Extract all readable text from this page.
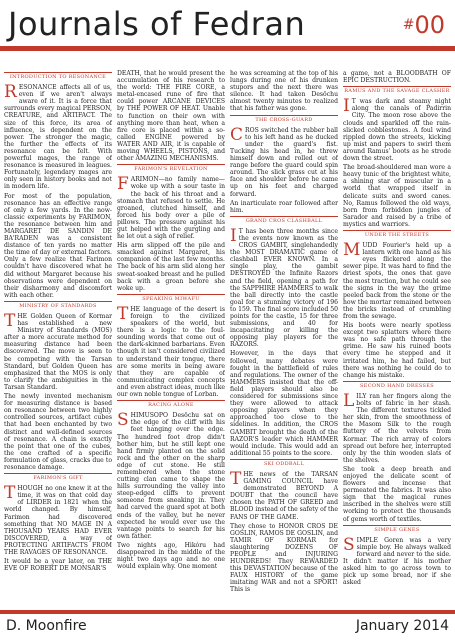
Journals of Fedran	#00
INTRODUCTION TO RESONANCE

RESONANCE affects all of us, even if we aren't always aware of it. It is a force that surrounds every magical PERSON, CREATURE, and ARTIFACT. The size of this force, its area of influence, is dependent on the power. The stronger the magic, the further the effects of its resonance can be felt. With powerful mages, the range of resonance is measured in leagues. Fortunately, legendary mages are only seen in history books and not in modern life.

For most of the population, resonance has an effective range of only a few yards. In the now-classic experiments by FARIMON, the resonance between him and MARGARET DE SANDIN DE BA'RADEN was a consistent distance of ten yards no matter the time of day or external factors. Only a few realize that Farimon couldn't have discovered what he did without Margaret because his observations were dependent on their disharmony and discomfort with each other.

MINISTRY OF STANDARDS

THE Golden Queen of Kormar has established a new Ministry of Standards (MOS) after a more accurate method for measuring distance had been discovered. The move is seen to be competing with the Tarsan Standard, but Golden Queen has emphasized that the MOS is only to clarify the ambiguities in the Tarsan Standard.

The newly invented mechanism for measuring distance is based on resonance between two highly controlled sources, artifact cubes that had been enchanted by two distinct and well-defined sources of resonance. A chain is exactly the point that one of the cubes, the one crafted of a specific formulation of glass, cracks due to resonance damage.

FARIMON'S GIFT

THOUGH no one knew it at the time, it was on that cold day of LIRDER in 1821 when the world changed. By himself, Farimon had discovered something that NO MAGE IN A THOUSAND YEARS HAD EVER DISCOVERED, a way of PROTECTING ARTIFACTS FROM THE RAVAGES OF RESONANCE.

It would be a year later, on THE EVE OF ROBERT DE MONSAR'S

DEATH, that he would present the accumulation of his research to the world: THE FIRE CORE, a metal-encased rune of fire that could power ARCANE DEVICES by THE POWER OF HEAT. Unable to function on their own with anything more than heat, when a fire core is placed within a so-called ENGINE powered by WATER AND AIR, it is capable of moving WHEELS, PISTONS, and other AMAZING MECHANISMS.

FARIMON'S REVELATION

FARIMON—no family name—woke up with a sour taste in the back of his throat and a stomach that refused to settle. He groaned, clutched himself, and forced his body over a pile of pillows. The pressure against his gut helped with the gurgling and he let out a sigh of relief.

His arm slipped off the pile and smacked against Margaret, his companion of the last few months. The back of his arm slid along her sweat-soaked breast and he pulled back with a groan before she woke up.

SPEAKING MIWAFU

THE language of the desert is foreign to the civilized speakers of the world, but there is a logic to the foul-sounding words that come out of the dark-skinned barbarians. Even though it isn't considered civilized to understand their tongue, there are some merits in being aware that they are capable of communicating complex concepts and even abstract ideas, much like our own noble tongue of Lorban.

RACING ALONE

SHIMUSOPO Desöchu sat on the edge of the cliff with his feet hanging over the edge. The hundred foot drop didn't bother him, but he still kept one hand firmly planted on the solid rock and the other on the sharp edge of cut stone. He still remembered when the stone cutting clan came to shape the hills surrounding the valley into steep-edged cliffs to prevent someone from sneaking in. They had carved the guard spot at both ends of the valley, but he never expected he would ever use the vantage points to search for his own father.

Two nights ago, Hikóru had disappeared in the middle of the night two days ago and no one would explain why. One moment

he was screaming at the top of his lungs during one of his drunken stupors and the next there was silence. It had taken Desöchu almost twenty minutes to realized that his father was gone.

THE CROSS-GUARD

CROS switched the rubber ball to his left hand as he ducked under the guard's fist. Tucking his head in, he threw himself down and rolled out of range before the guard could spin around. The slick grass cut at his face and shoulder before he came up on his feet and charged forward.

An inarticulate roar followed after him.

GRAND CROS CLASHBALL

I T has been three months since the events now known as the CROS GAMBIT, singlehandedly the MOST DRAMATIC game of clashball EVER KNOWN. In a single play, the gambit DESTROYED the Infinite Razors and the field, opening a path for the SAPPHIRE HAMMERS to walk the ball directly into the castle goal for a stunning victory of 196 to 159. The final score included 50 points for the castle, 15 for three submissions, and 40 for incapacitating or killing the opposing play players for the RAZORS.

However, in the days that followed, many debates were fought in the battlefield of rules and regulations. The owner of the HAMMERS insisted that the off-field players should also be considered for submissions since they were allowed to attack opposing players when they approached too close to the sidelines. In addition, the CROS GAMBIT brought the death of the RAZOR'S leader which HAMMER would include. This would add an additional 55 points to the score.

SKI ODDBALL

THE news of the TARSAN GAMING COUNCIL have demonstrated BEYOND A DOUBT that the council have chosen the PATH OF GREED and BLOOD instead of the safety of the FANS OF THE GAME.

They chose to HONOR CROS DE GOSLIN, RAMOS DE GOSLIN, and TAMIR OF KORMAR for slaughtering DOZENS OF PEOPLE and INJURING HUNDREDS! They REWARDED this DEVASTATION because of the FAUX HISTORY of the game imitating WAR and not a SPORT! This is

a game, not a BLOODBATH OF EPIC DESTRUCTION.

RAMUS AND THE SAVAGE CLASHER

I T was dark and steamy night along the canals of Padirrin City. The moon rose above the clouds and sparkled off the rain-slicked cobblestones. A foul wind rippled down the streets, kicking up mist and papers to swirl them around Ramus' boots as he strode down the street.

The broad-shouldered man wore a heavy tunic of the brightest white, a shining star of muscular in a world that wrapped itself in delicate suits and sword canes. No, Ramus followed the old ways, born from forbidden jungles of Sarador and raised by a tribe of mystics and warriors.

UNDER THE STREETS

MUDD Fourier's held up a lantern with one hand as his eyes flickered along the sewer pipe. It was hard to find the driest spots, the ones that gave the most traction, but he could see the signs in the way the grime peeled back from the stone or the how the mortar remained between the bricks instead of crumbling from the sewage.

His boots were nearly spotless except two splatters where there was no safe path through the grime. He saw his ruined boots every time he stepped and it irritated him, he had failed, but there was nothing he could do to change his mistake.

SECOND HAND DRESSES

LILY ran her fingers along the bolts of fabric in her stash. The different textures tickled her skin, from the smoothness of the Masom Silk to the rough fluttery of the velvets from Kormar. The rich array of colors spread out before her, interrupted only by the thin wooden slats of the shelves.

She took a deep breath and enjoyed the delicate scent of flowers and incense that permeated the fabrics. It was also sign that the magical runes inscribed in the shelves were still working to protect the thousands of gems worth of textiles.

SIMPLE GENES

SIMPLE Goren was a very simple boy. He always walked forward and never to the side. It didn't matter if his mother asked him to go across town to pick up some bread, nor if she asked

D. Moonfire	January 2014
